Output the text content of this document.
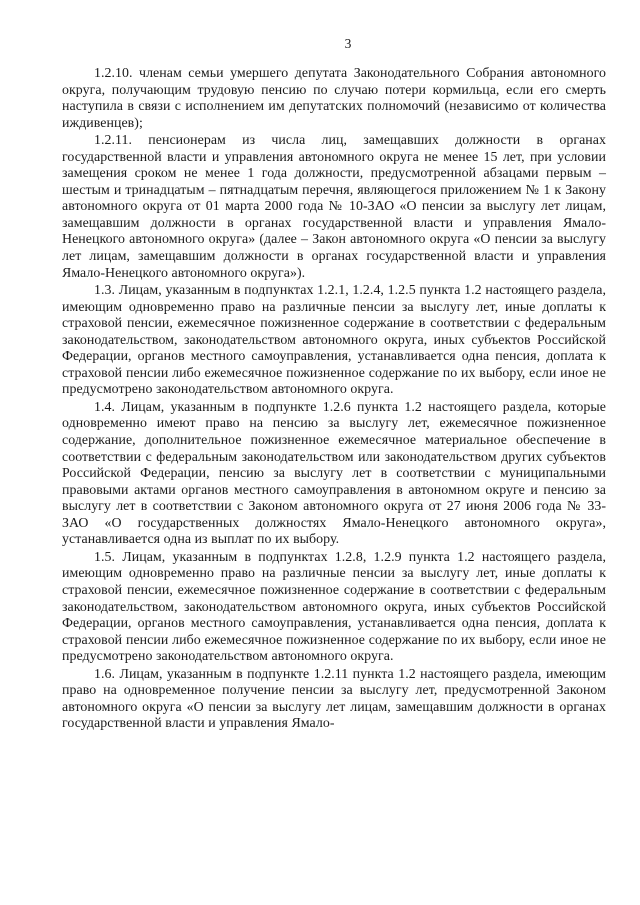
3

1.2.10. членам семьи умершего депутата Законодательного Собрания автономного округа, получающим трудовую пенсию по случаю потери кормильца, если его смерть наступила в связи с исполнением им депутатских полномочий (независимо от количества иждивенцев);

1.2.11. пенсионерам из числа лиц, замещавших должности в органах государственной власти и управления автономного округа не менее 15 лет, при условии замещения сроком не менее 1 года должности, предусмотренной абзацами первым – шестым и тринадцатым – пятнадцатым перечня, являющегося приложением № 1 к Закону автономного округа от 01 марта 2000 года № 10-ЗАО «О пенсии за выслугу лет лицам, замещавшим должности в органах государственной власти и управления Ямало-Ненецкого автономного округа» (далее – Закон автономного округа «О пенсии за выслугу лет лицам, замещавшим должности в органах государственной власти и управления Ямало-Ненецкого автономного округа»).

1.3. Лицам, указанным в подпунктах 1.2.1, 1.2.4, 1.2.5 пункта 1.2 настоящего раздела, имеющим одновременно право на различные пенсии за выслугу лет, иные доплаты к страховой пенсии, ежемесячное пожизненное содержание в соответствии с федеральным законодательством, законодательством автономного округа, иных субъектов Российской Федерации, органов местного самоуправления, устанавливается одна пенсия, доплата к страховой пенсии либо ежемесячное пожизненное содержание по их выбору, если иное не предусмотрено законодательством автономного округа.

1.4. Лицам, указанным в подпункте 1.2.6 пункта 1.2 настоящего раздела, которые одновременно имеют право на пенсию за выслугу лет, ежемесячное пожизненное содержание, дополнительное пожизненное ежемесячное материальное обеспечение в соответствии с федеральным законодательством или законодательством других субъектов Российской Федерации, пенсию за выслугу лет в соответствии с муниципальными правовыми актами органов местного самоуправления в автономном округе и пенсию за выслугу лет в соответствии с Законом автономного округа от 27 июня 2006 года № 33-ЗАО «О государственных должностях Ямало-Ненецкого автономного округа», устанавливается одна из выплат по их выбору.

1.5. Лицам, указанным в подпунктах 1.2.8, 1.2.9 пункта 1.2 настоящего раздела, имеющим одновременно право на различные пенсии за выслугу лет, иные доплаты к страховой пенсии, ежемесячное пожизненное содержание в соответствии с федеральным законодательством, законодательством автономного округа, иных субъектов Российской Федерации, органов местного самоуправления, устанавливается одна пенсия, доплата к страховой пенсии либо ежемесячное пожизненное содержание по их выбору, если иное не предусмотрено законодательством автономного округа.

1.6. Лицам, указанным в подпункте 1.2.11 пункта 1.2 настоящего раздела, имеющим право на одновременное получение пенсии за выслугу лет, предусмотренной Законом автономного округа «О пенсии за выслугу лет лицам, замещавшим должности в органах государственной власти и управления Ямало-
